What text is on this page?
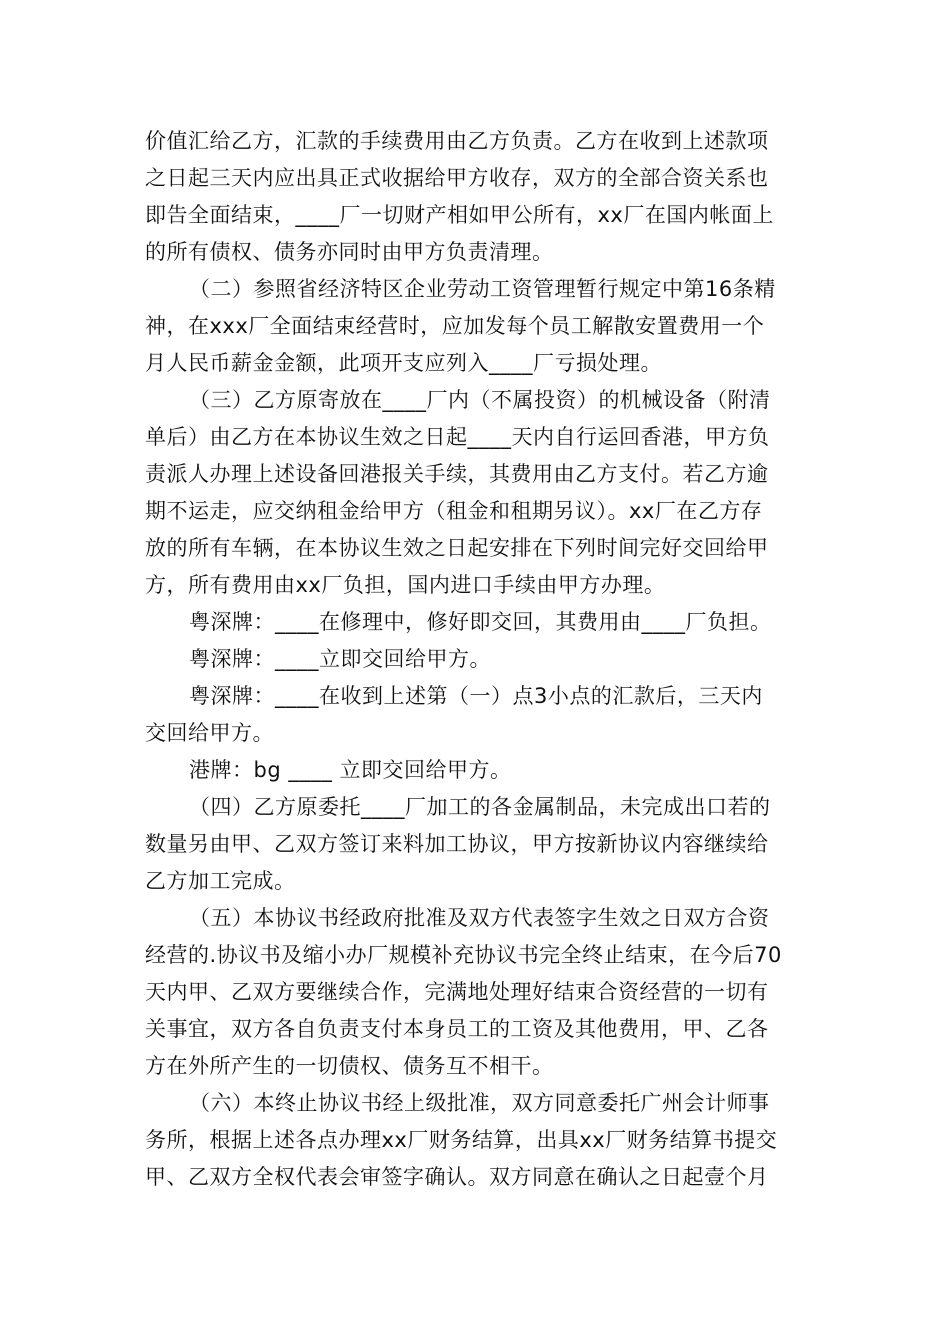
价值汇给乙方，汇款的手续费用由乙方负责。乙方在收到上述款项
之日起三天内应出具正式收据给甲方收存，双方的全部合资关系也
即告全面结束，____厂一切财产相如甲公所有，xx厂在国内帐面上
的所有债权、债务亦同时由甲方负责清理。
（二）参照省经济特区企业劳动工资管理暂行规定中第16条精
神，在xxx厂全面结束经营时，应加发每个员工解散安置费用一个
月人民币薪金金额，此项开支应列入____厂亏损处理。
（三）乙方原寄放在____厂内（不属投资）的机械设备（附清
单后）由乙方在本协议生效之日起____天内自行运回香港，甲方负
责派人办理上述设备回港报关手续，其费用由乙方支付。若乙方逾
期不运走，应交纳租金给甲方（租金和租期另议）。xx厂在乙方存
放的所有车辆，在本协议生效之日起安排在下列时间完好交回给甲
方，所有费用由xx厂负担，国内进口手续由甲方办理。
粤深牌：____在修理中，修好即交回，其费用由____厂负担。
粤深牌：____立即交回给甲方。
粤深牌：____在收到上述第（一）点3小点的汇款后，三天内
交回给甲方。
港牌：bg ____ 立即交回给甲方。
（四）乙方原委托____厂加工的各金属制品，未完成出口若的
数量另由甲、乙双方签订来料加工协议，甲方按新协议内容继续给
乙方加工完成。
（五）本协议书经政府批准及双方代表签字生效之日双方合资
经营的.协议书及缩小办厂规模补充协议书完全终止结束，在今后70
天内甲、乙双方要继续合作，完满地处理好结束合资经营的一切有
关事宜，双方各自负责支付本身员工的工资及其他费用，甲、乙各
方在外所产生的一切债权、债务互不相干。
（六）本终止协议书经上级批准，双方同意委托广州会计师事
务所，根据上述各点办理xx厂财务结算，出具xx厂财务结算书提交
甲、乙双方全权代表会审签字确认。双方同意在确认之日起壹个月
